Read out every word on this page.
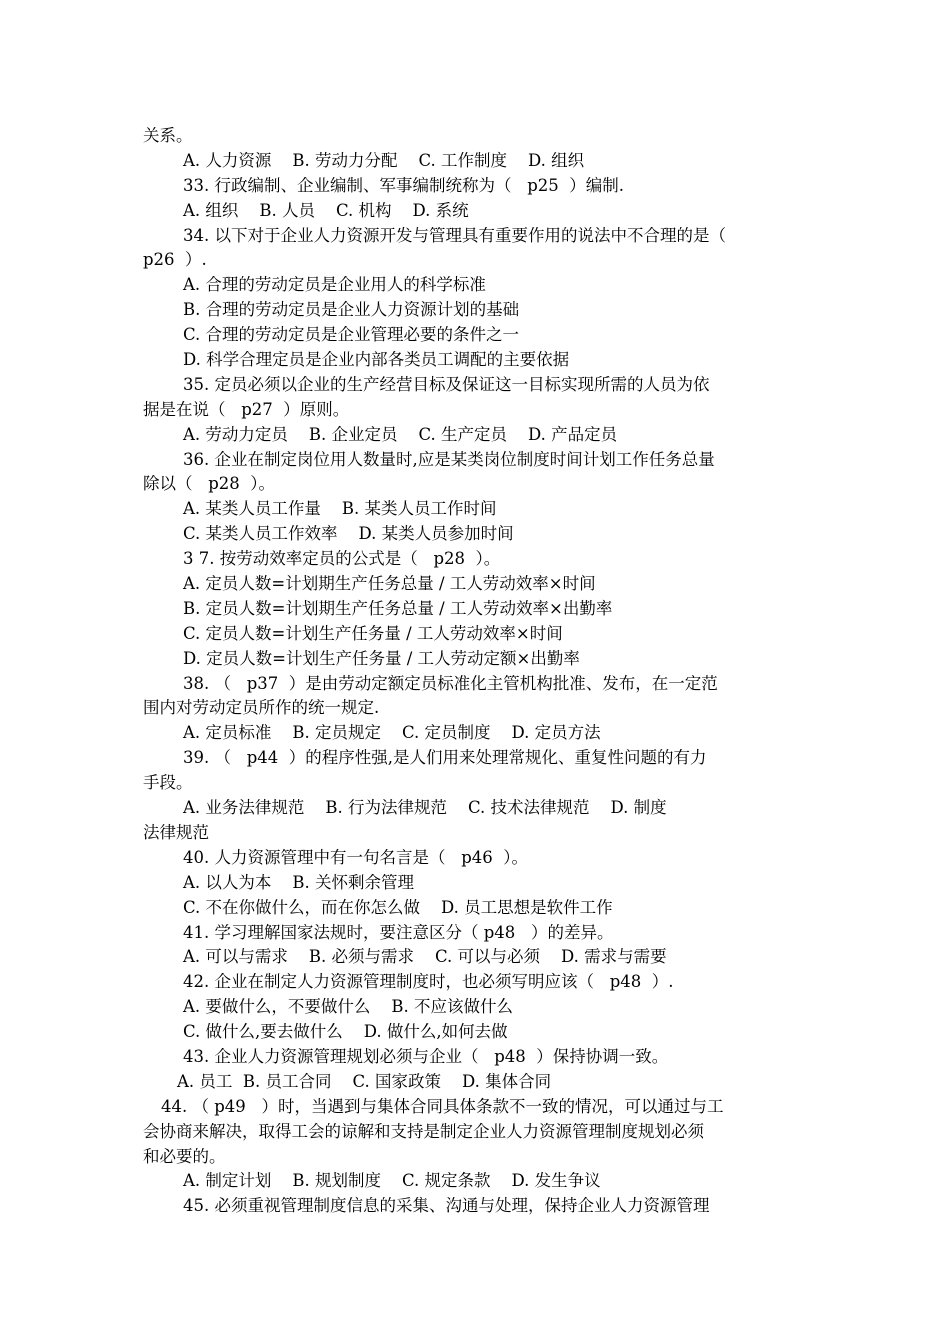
关系。
A. 人力资源    B. 劳动力分配    C. 工作制度    D. 组织
33. 行政编制、企业编制、军事编制统称为（   p25  ）编制.
A. 组织    B. 人员    C. 机构    D. 系统
34. 以下对于企业人力资源开发与管理具有重要作用的说法中不合理的是（
p26  ）.
A. 合理的劳动定员是企业用人的科学标准
B. 合理的劳动定员是企业人力资源计划的基础
C. 合理的劳动定员是企业管理必要的条件之一
D. 科学合理定员是企业内部各类员工调配的主要依据
35. 定员必须以企业的生产经营目标及保证这一目标实现所需的人员为依
据是在说（   p27  ）原则。
A. 劳动力定员    B. 企业定员    C. 生产定员    D. 产品定员
36. 企业在制定岗位用人数量时,应是某类岗位制度时间计划工作任务总量
除以（   p28  ）。
A. 某类人员工作量    B. 某类人员工作时间
C. 某类人员工作效率    D. 某类人员参加时间
3 7. 按劳动效率定员的公式是（   p28  ）。
A. 定员人数=计划期生产任务总量 / 工人劳动效率×时间
B. 定员人数=计划期生产任务总量 / 工人劳动效率×出勤率
C. 定员人数=计划生产任务量 / 工人劳动效率×时间
D. 定员人数=计划生产任务量 / 工人劳动定额×出勤率
38. （   p37  ）是由劳动定额定员标准化主管机构批准、发布，在一定范
围内对劳动定员所作的统一规定.
A. 定员标准    B. 定员规定    C. 定员制度    D. 定员方法
39. （   p44  ）的程序性强,是人们用来处理常规化、重复性问题的有力
手段。
A. 业务法律规范    B. 行为法律规范    C. 技术法律规范    D. 制度
法律规范
40. 人力资源管理中有一句名言是（   p46  ）。
A. 以人为本    B. 关怀剩余管理
C. 不在你做什么，而在你怎么做    D. 员工思想是软件工作
41. 学习理解国家法规时，要注意区分（ p48   ）的差异。
A. 可以与需求    B. 必须与需求    C. 可以与必须    D. 需求与需要
42. 企业在制定人力资源管理制度时，也必须写明应该（   p48  ）.
A. 要做什么，不要做什么    B. 不应该做什么
C. 做什么,要去做什么    D. 做什么,如何去做
43. 企业人力资源管理规划必须与企业（   p48  ）保持协调一致。
A. 员工  B. 员工合同    C. 国家政策    D. 集体合同
44. （ p49   ）时，当遇到与集体合同具体条款不一致的情况，可以通过与工
会协商来解决，取得工会的谅解和支持是制定企业人力资源管理制度规划必须
和必要的。
A. 制定计划    B. 规划制度    C. 规定条款    D. 发生争议
45. 必须重视管理制度信息的采集、沟通与处理，保持企业人力资源管理
